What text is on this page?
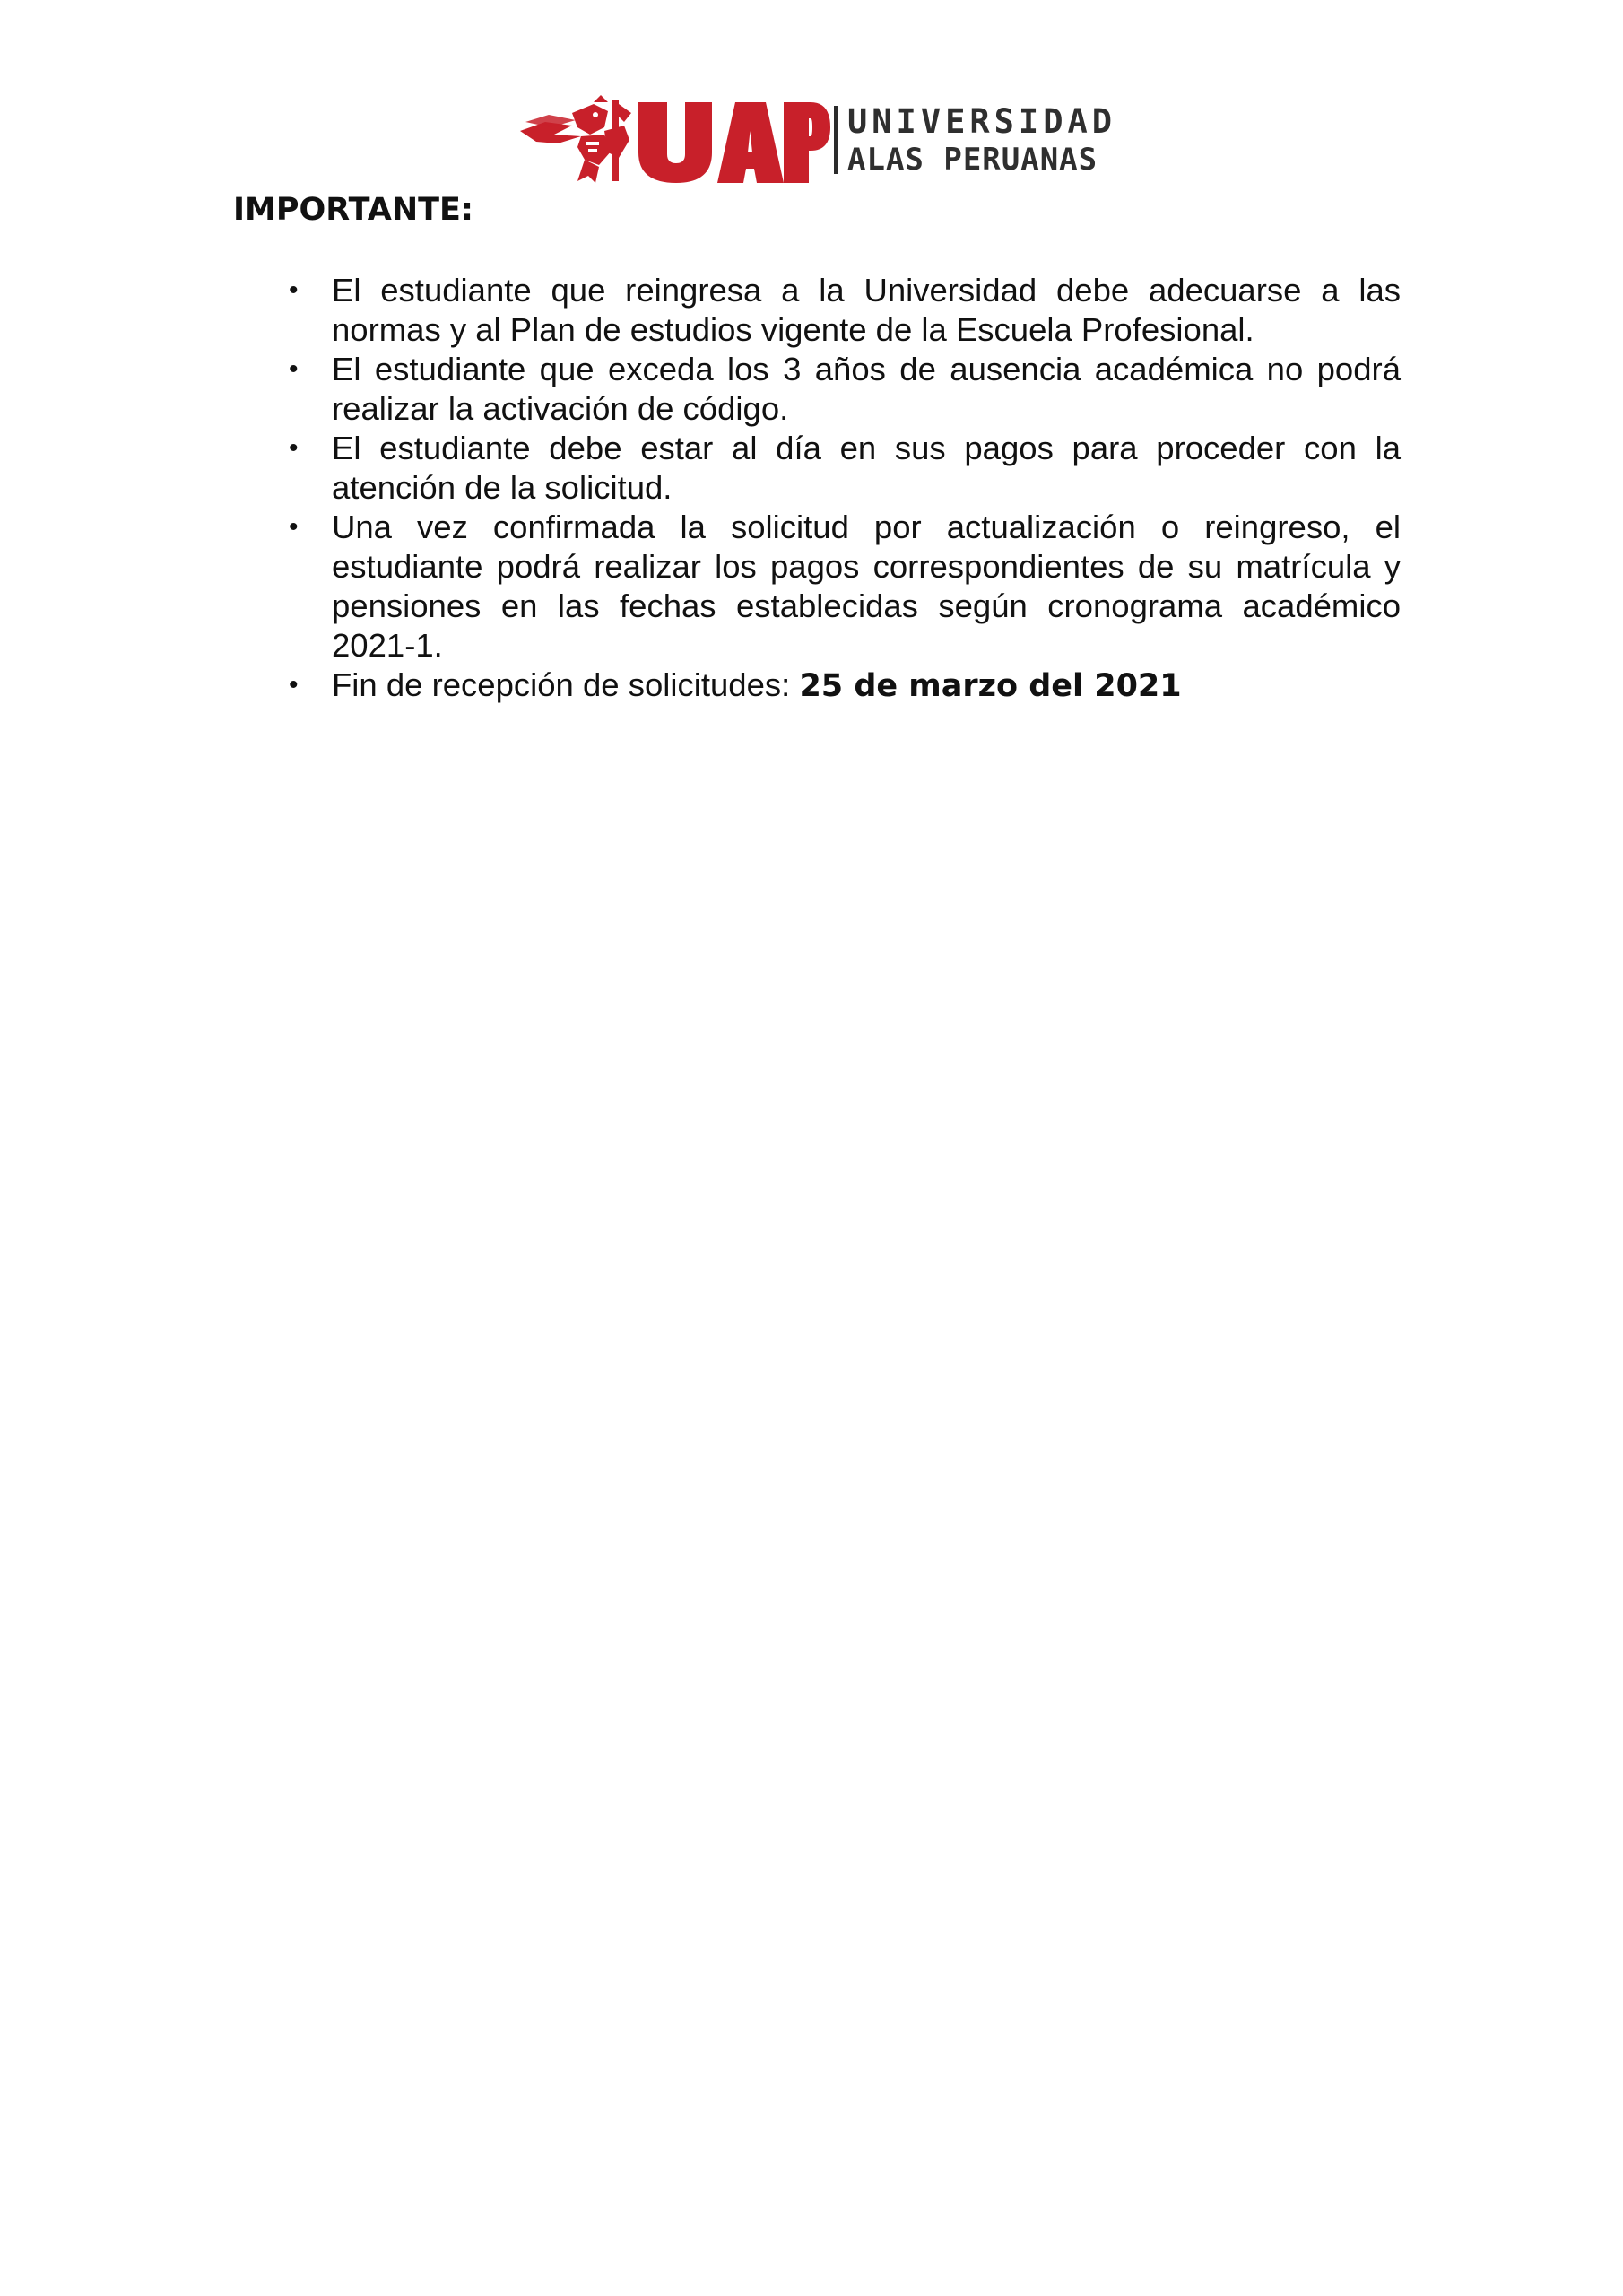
UNIVERSIDAD
ALAS PERUANAS
IMPORTANTE:
• El estudiante que reingresa a la Universidad debe adecuarse a las normas y al Plan de estudios vigente de la Escuela Profesional.
• El estudiante que exceda los 3 años de ausencia académica no podrá realizar la activación de código.
• El estudiante debe estar al día en sus pagos para proceder con la atención de la solicitud.
• Una vez confirmada la solicitud por actualización o reingreso, el estudiante podrá realizar los pagos correspondientes de su matrícula y pensiones en las fechas establecidas según cronograma académico 2021-1.
• Fin de recepción de solicitudes: 25 de marzo del 2021
